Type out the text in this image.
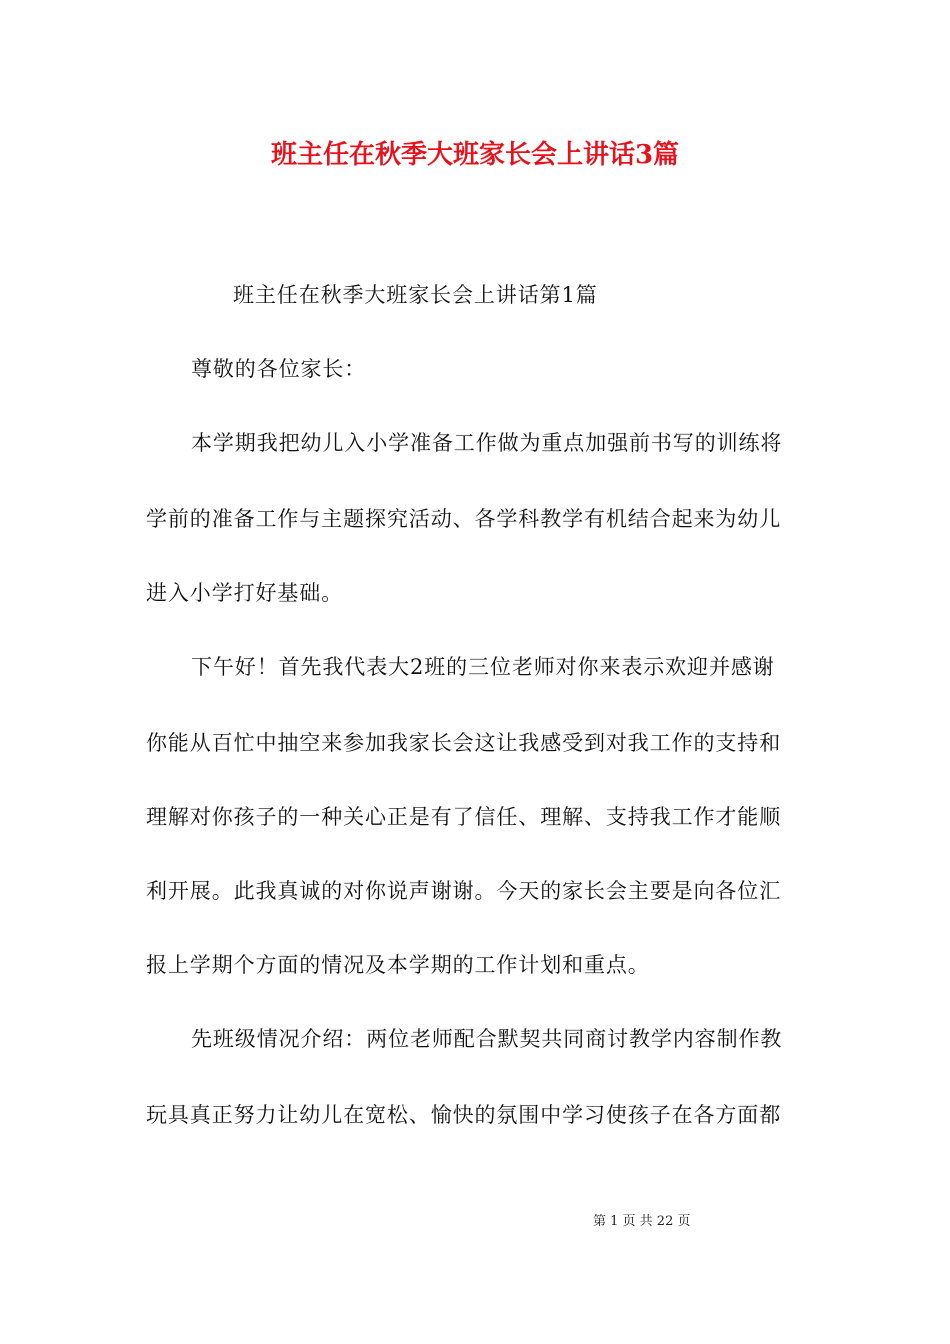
班主任在秋季大班家长会上讲话3篇
班主任在秋季大班家长会上讲话第1篇
尊敬的各位家长：
本学期我把幼儿入小学准备工作做为重点加强前书写的训练将
学前的准备工作与主题探究活动、各学科教学有机结合起来为幼儿
进入小学打好基础。
下午好！首先我代表大2班的三位老师对你来表示欢迎并感谢
你能从百忙中抽空来参加我家长会这让我感受到对我工作的支持和
理解对你孩子的一种关心正是有了信任、理解、支持我工作才能顺
利开展。此我真诚的对你说声谢谢。今天的家长会主要是向各位汇
报上学期个方面的情况及本学期的工作计划和重点。
先班级情况介绍：两位老师配合默契共同商讨教学内容制作教
玩具真正努力让幼儿在宽松、愉快的氛围中学习使孩子在各方面都
第 1 页 共 22 页
